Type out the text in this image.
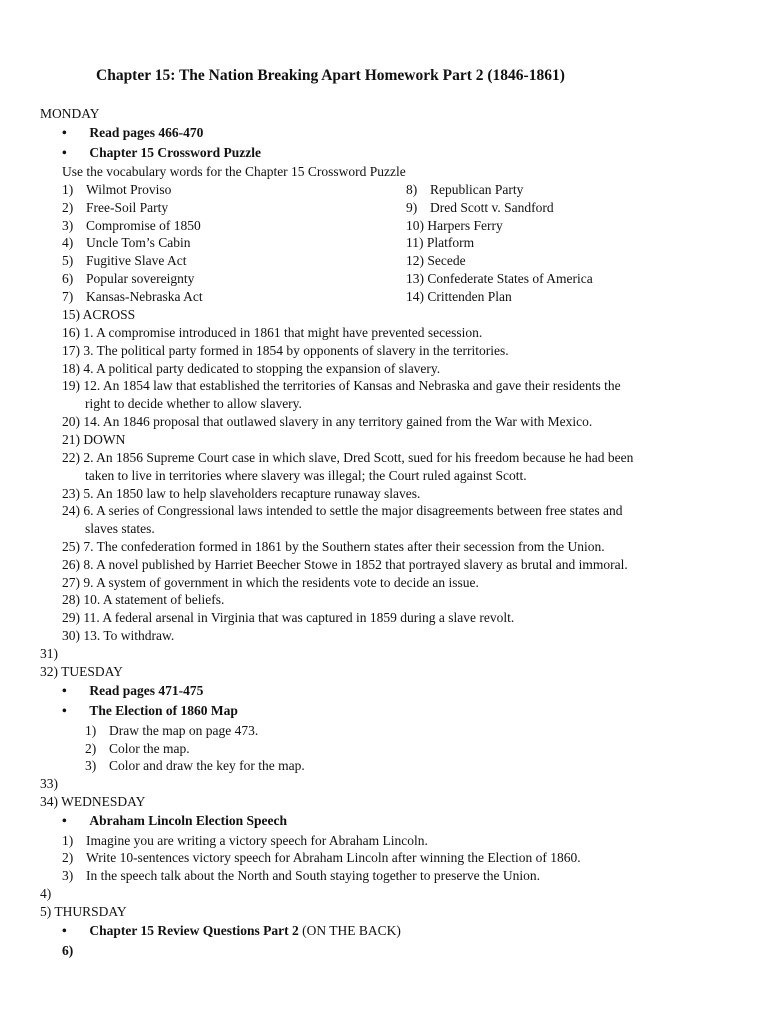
Chapter 15: The Nation Breaking Apart Homework Part 2 (1846-1861)
MONDAY
• Read pages 466-470
• Chapter 15 Crossword Puzzle
Use the vocabulary words for the Chapter 15 Crossword Puzzle
1) Wilmot Proviso
2) Free-Soil Party
3) Compromise of 1850
4) Uncle Tom’s Cabin
5) Fugitive Slave Act
6) Popular sovereignty
7) Kansas-Nebraska Act
8) Republican Party
9) Dred Scott v. Sandford
10) Harpers Ferry
11) Platform
12) Secede
13) Confederate States of America
14) Crittenden Plan
15) ACROSS
16) 1. A compromise introduced in 1861 that might have prevented secession.
17) 3. The political party formed in 1854 by opponents of slavery in the territories.
18) 4. A political party dedicated to stopping the expansion of slavery.
19) 12. An 1854 law that established the territories of Kansas and Nebraska and gave their residents the
right to decide whether to allow slavery.
20) 14. An 1846 proposal that outlawed slavery in any territory gained from the War with Mexico.
21) DOWN
22) 2. An 1856 Supreme Court case in which slave, Dred Scott, sued for his freedom because he had been
taken to live in territories where slavery was illegal; the Court ruled against Scott.
23) 5. An 1850 law to help slaveholders recapture runaway slaves.
24) 6. A series of Congressional laws intended to settle the major disagreements between free states and
slaves states.
25) 7. The confederation formed in 1861 by the Southern states after their secession from the Union.
26) 8. A novel published by Harriet Beecher Stowe in 1852 that portrayed slavery as brutal and immoral.
27) 9. A system of government in which the residents vote to decide an issue.
28) 10. A statement of beliefs.
29) 11. A federal arsenal in Virginia that was captured in 1859 during a slave revolt.
30) 13. To withdraw.
31)
32) TUESDAY
• Read pages 471-475
• The Election of 1860 Map
1) Draw the map on page 473.
2) Color the map.
3) Color and draw the key for the map.
33)
34) WEDNESDAY
• Abraham Lincoln Election Speech
1) Imagine you are writing a victory speech for Abraham Lincoln.
2) Write 10-sentences victory speech for Abraham Lincoln after winning the Election of 1860.
3) In the speech talk about the North and South staying together to preserve the Union.
4)
5) THURSDAY
• Chapter 15 Review Questions Part 2 (ON THE BACK)
6)
